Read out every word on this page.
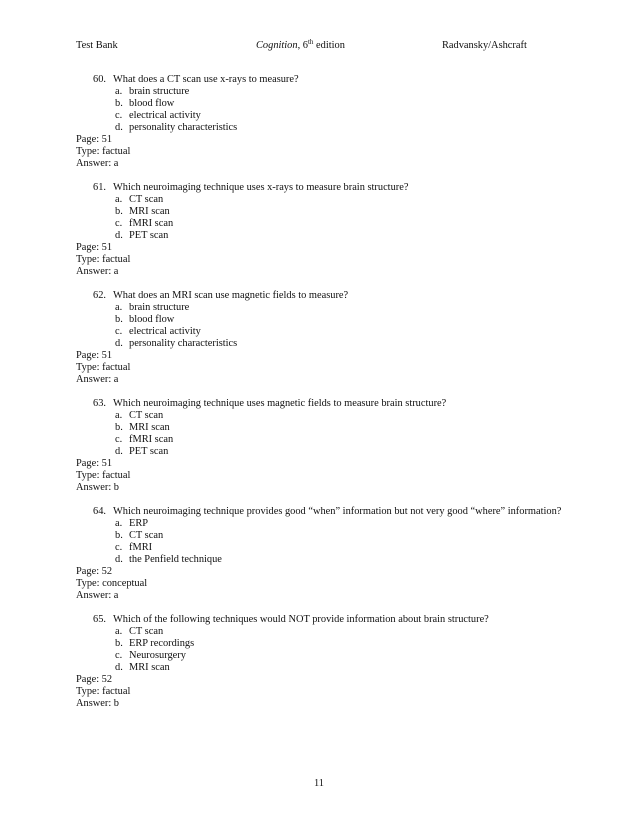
Test Bank	Cognition, 6th edition	Radvansky/Ashcraft
60. What does a CT scan use x-rays to measure?
a. brain structure
b. blood flow
c. electrical activity
d. personality characteristics
Page: 51
Type: factual
Answer: a
61. Which neuroimaging technique uses x-rays to measure brain structure?
a. CT scan
b. MRI scan
c. fMRI scan
d. PET scan
Page: 51
Type: factual
Answer: a
62. What does an MRI scan use magnetic fields to measure?
a. brain structure
b. blood flow
c. electrical activity
d. personality characteristics
Page: 51
Type: factual
Answer: a
63. Which neuroimaging technique uses magnetic fields to measure brain structure?
a. CT scan
b. MRI scan
c. fMRI scan
d. PET scan
Page: 51
Type: factual
Answer: b
64. Which neuroimaging technique provides good “when” information but not very good “where” information?
a. ERP
b. CT scan
c. fMRI
d. the Penfield technique
Page: 52
Type: conceptual
Answer: a
65. Which of the following techniques would NOT provide information about brain structure?
a. CT scan
b. ERP recordings
c. Neurosurgery
d. MRI scan
Page: 52
Type: factual
Answer: b
11
